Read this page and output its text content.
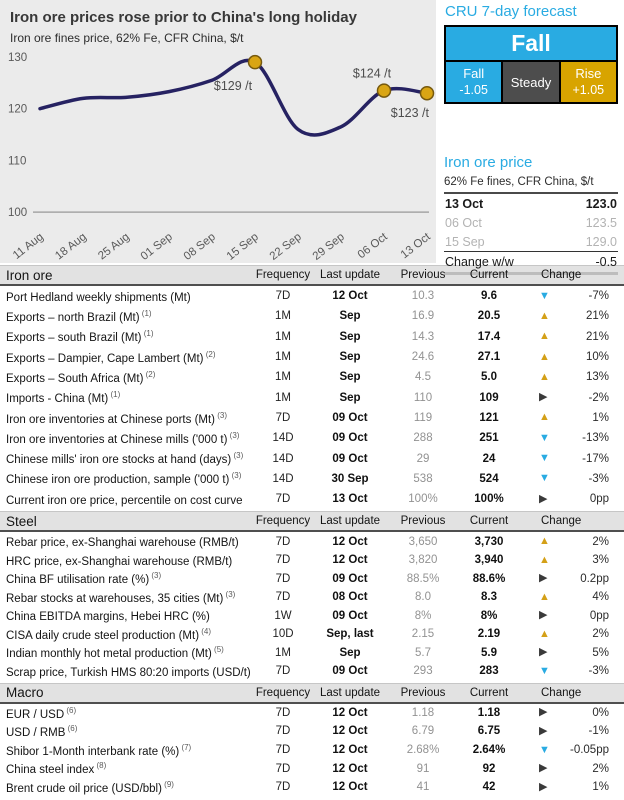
130
120
110
100
11 Aug 18 Aug 25 Aug 01 Sep 08 Sep 15 Sep 22 Sep 29 Sep 06 Oct 13 Oct
$129 /t
$124 /t
$123 /t
Iron ore prices rose prior to China's long holiday
Iron ore fines price, 62% Fe, CFR China, $/t
CRU 7-day forecast
Fall
Fall
-1.05
Steady
Rise
+1.05
Iron ore price
62% Fe fines, CFR China, $/t
13 Oct	123.0
06 Oct	123.5
15 Sep	129.0
Change w/w	-0.5
Iron ore	Frequency Last update	Previous	Current	Change
Port Hedland weekly shipments (Mt)	7D	12 Oct	10.3	9.6	▼	-7%
Exports – north Brazil (Mt) $^{(1)}$	1M	Sep	16.9	20.5	▲	21%
Exports – south Brazil (Mt) $^{(1)}$	1M	Sep	14.3	17.4	▲	21%
Exports – Dampier, Cape Lambert (Mt) $^{(2)}$	1M	Sep	24.6	27.1	▲	10%
Exports – South Africa (Mt) $^{(2)}$	1M	Sep	4.5	5.0	▲	13%
Imports - China (Mt) $^{(1)}$	1M	Sep	110	109	▶	-2%
Iron ore inventories at Chinese ports (Mt) $^{(3)}$	7D	09 Oct	119	121	▲	1%
Iron ore inventories at Chinese mills ('000 t) $^{(3)}$	14D	09 Oct	288	251	▼	-13%
Chinese mills' iron ore stocks at hand (days) $^{(3)}$	14D	09 Oct	29	24	▼	-17%
Chinese iron ore production, sample ('000 t) $^{(3)}$	14D	30 Sep	538	524	▼	-3%
Current iron ore price, percentile on cost curve	7D	13 Oct	100%	100%	▶	0pp
Steel	Frequency Last update	Previous	Current	Change
Rebar price, ex-Shanghai warehouse (RMB/t)	7D	12 Oct	3,650	3,730	▲	2%
HRC price, ex-Shanghai warehouse (RMB/t)	7D	12 Oct	3,820	3,940	▲	3%
China BF utilisation rate (%) $^{(3)}$	7D	09 Oct	88.5%	88.6%	▶	0.2pp
Rebar stocks at warehouses, 35 cities (Mt) $^{(3)}$	7D	08 Oct	8.0	8.3	▲	4%
China EBITDA margins, Hebei HRC (%)	1W	09 Oct	8%	8%	▶	0pp
CISA daily crude steel production (Mt) $^{(4)}$	10D	Sep, last	2.15	2.19	▲	2%
Indian monthly hot metal production (Mt) $^{(5)}$	1M	Sep	5.7	5.9	▶	5%
Scrap price, Turkish HMS 80:20 imports (USD/t)	7D	09 Oct	293	283	▼	-3%
Macro	Frequency Last update	Previous	Current	Change
EUR / USD $^{(6)}$	7D	12 Oct	1.18	1.18	▶	0%
USD / RMB $^{(6)}$	7D	12 Oct	6.79	6.75	▶	-1%
Shibor 1-Month interbank rate (%) $^{(7)}$	7D	12 Oct	2.68%	2.64%	▼	-0.05pp
China steel index $^{(8)}$	7D	12 Oct	91	92	▶	2%
Brent crude oil price (USD/bbl) $^{(9)}$	7D	12 Oct	41	42	▶	1%
